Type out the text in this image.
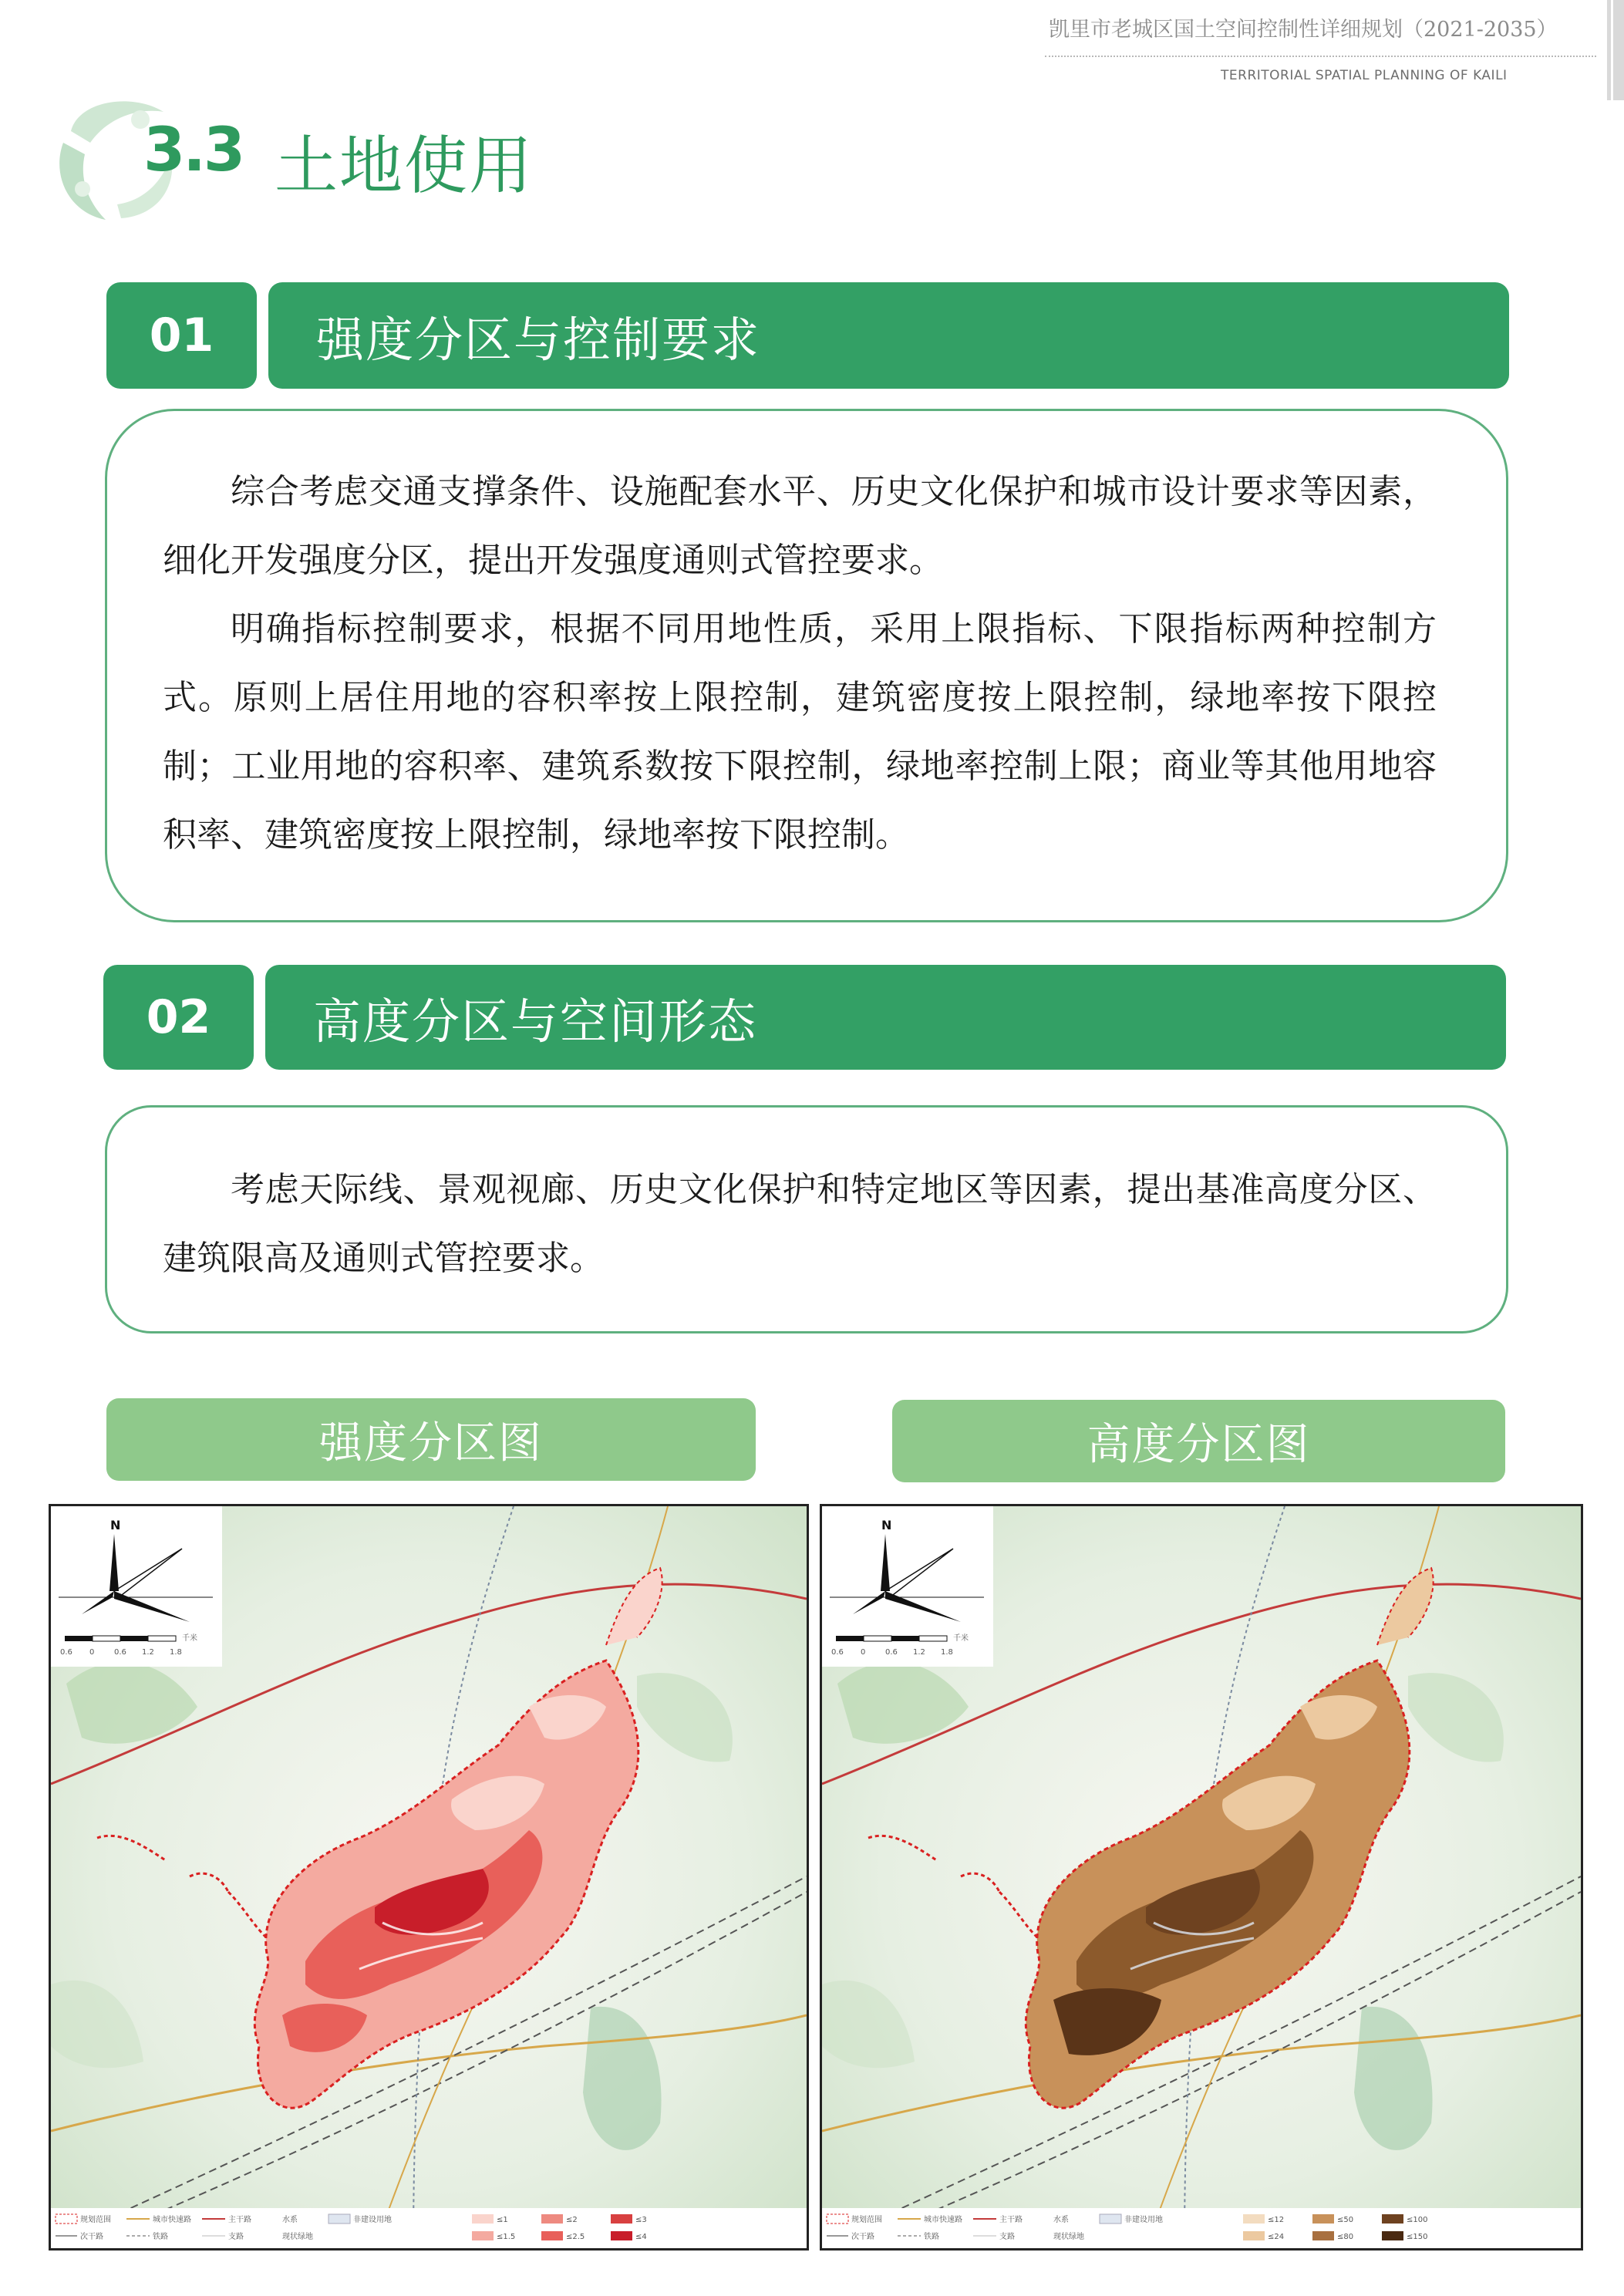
凯里市老城区国土空间控制性详细规划（2021-2035）
TERRITORIAL SPATIAL PLANNING OF KAILI
3.3 土地使用
01	强度分区与控制要求

综合考虑交通支撑条件、设施配套水平、历史文化保护和城市设计要求等因素，细化开发强度分区，提出开发强度通则式管控要求。

明确指标控制要求，根据不同用地性质，采用上限指标、下限指标两种控制方式。原则上居住用地的容积率按上限控制，建筑密度按上限控制，绿地率按下限控制；工业用地的容积率、建筑系数按下限控制，绿地率控制上限；商业等其他用地容积率、建筑密度按上限控制，绿地率按下限控制。

02	高度分区与空间形态

考虑天际线、景观视廊、历史文化保护和特定地区等因素，提出基准高度分区、建筑限高及通则式管控要求。

强度分区图	高度分区图
N
0.6 0	0.6 1.2 1.8
千米
规划范围	城市快速路	主干路
次干路	铁路	支路
水系
现状绿地
非建设用地	≤1
≤1.5
≤2
≤2.5
≤3
≤4
N
0.6 0	0.6 1.2 1.8
千米
规划范围	城市快速路	主干路
次干路	铁路	支路
水系
现状绿地
非建设用地	≤12
≤24
≤50
≤80
≤100
≤150
